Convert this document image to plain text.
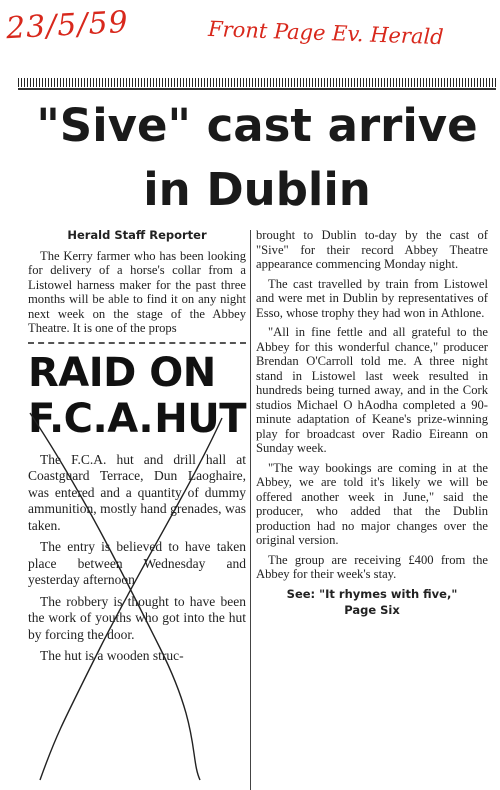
23/5/59	Front Page Ev. Herald
"Sive" cast arrive
in Dublin
Herald Staff Reporter

The Kerry farmer who has been looking for delivery of a horse's collar from a Listowel harness maker for the past three months will be able to find it on any night next week on the stage of the Abbey Theatre. It is one of the props

RAID ON
F.C.A. HUT

The F.C.A. hut and drill hall at Coastguard Terrace, Dun Laoghaire, was entered and a quantity of dummy ammunition, mostly hand grenades, was taken.

The entry is believed to have taken place between Wednesday and yesterday afternoon

The robbery is thought to have been the work of youths who got into the hut by forcing the door.

The hut is a wooden struc-

brought to Dublin to-day by the cast of "Sive" for their record Abbey Theatre appearance commencing Monday night.

The cast travelled by train from Listowel and were met in Dublin by representatives of Esso, whose trophy they had won in Athlone.

"All in fine fettle and all grateful to the Abbey for this wonderful chance," producer Brendan O'Carroll told me. A three night stand in Listowel last week resulted in hundreds being turned away, and in the Cork studios Michael O hAodha completed a 90-minute adaptation of Keane's prize-winning play for broadcast over Radio Eireann on Sunday week.

"The way bookings are coming in at the Abbey, we are told it's likely we will be offered another week in June," said the producer, who added that the Dublin production had no major changes over the original version.

The group are receiving £400 from the Abbey for their week's stay.

See: "It rhymes with five,"
Page Six
